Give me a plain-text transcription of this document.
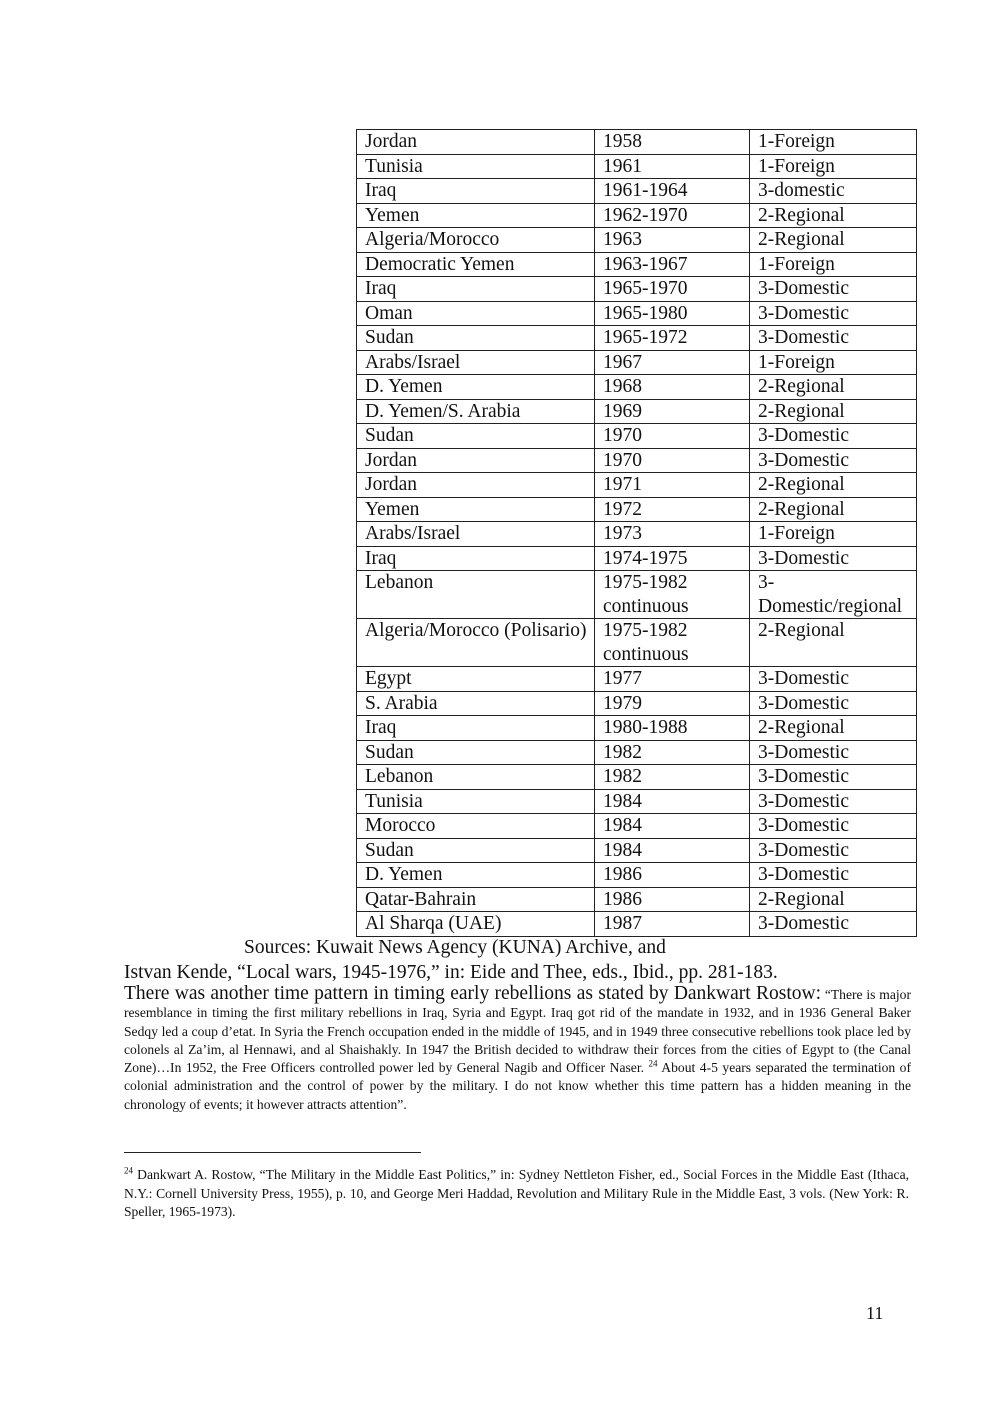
Jordan	1958	1-Foreign
Tunisia	1961	1-Foreign
Iraq	1961-1964	3-domestic
Yemen	1962-1970	2-Regional
Algeria/Morocco	1963	2-Regional
Democratic Yemen	1963-1967	1-Foreign
Iraq	1965-1970	3-Domestic
Oman	1965-1980	3-Domestic
Sudan	1965-1972	3-Domestic
Arabs/Israel	1967	1-Foreign
D. Yemen	1968	2-Regional
D. Yemen/S. Arabia	1969	2-Regional
Sudan	1970	3-Domestic
Jordan	1970	3-Domestic
Jordan	1971	2-Regional
Yemen	1972	2-Regional
Arabs/Israel	1973	1-Foreign
Iraq	1974-1975	3-Domestic
Lebanon	1975-1982 continuous	3- Domestic/regional
Algeria/Morocco (Polisario)	1975-1982 continuous	2-Regional
Egypt	1977	3-Domestic
S. Arabia	1979	3-Domestic
Iraq	1980-1988	2-Regional
Sudan	1982	3-Domestic
Lebanon	1982	3-Domestic
Tunisia	1984	3-Domestic
Morocco	1984	3-Domestic
Sudan	1984	3-Domestic
D. Yemen	1986	3-Domestic
Qatar-Bahrain	1986	2-Regional
Al Sharqa (UAE)	1987	3-Domestic
Sources: Kuwait News Agency (KUNA) Archive, and
Istvan Kende, “Local wars, 1945-1976,” in: Eide and Thee, eds., Ibid., pp. 281-183.
There was another time pattern in timing early rebellions as stated by Dankwart Rostow: “There is major resemblance in timing the first military rebellions in Iraq, Syria and Egypt. Iraq got rid of the mandate in 1932, and in 1936 General Baker Sedqy led a coup d’etat. In Syria the French occupation ended in the middle of 1945, and in 1949 three consecutive rebellions took place led by colonels al Za’im, al Hennawi, and al Shaishakly. In 1947 the British decided to withdraw their forces from the cities of Egypt to (the Canal Zone)…In 1952, the Free Officers controlled power led by General Nagib and Officer Naser. $^{24}$ About 4-5 years separated the termination of colonial administration and the control of power by the military. I do not know whether this time pattern has a hidden meaning in the chronology of events; it however attracts attention”.
$^{24}$ Dankwart A. Rostow, “The Military in the Middle East Politics,” in: Sydney Nettleton Fisher, ed., Social Forces in the Middle East (Ithaca, N.Y.: Cornell University Press, 1955), p. 10, and George Meri Haddad, Revolution and Military Rule in the Middle East, 3 vols. (New York: R. Speller, 1965-1973).
11
